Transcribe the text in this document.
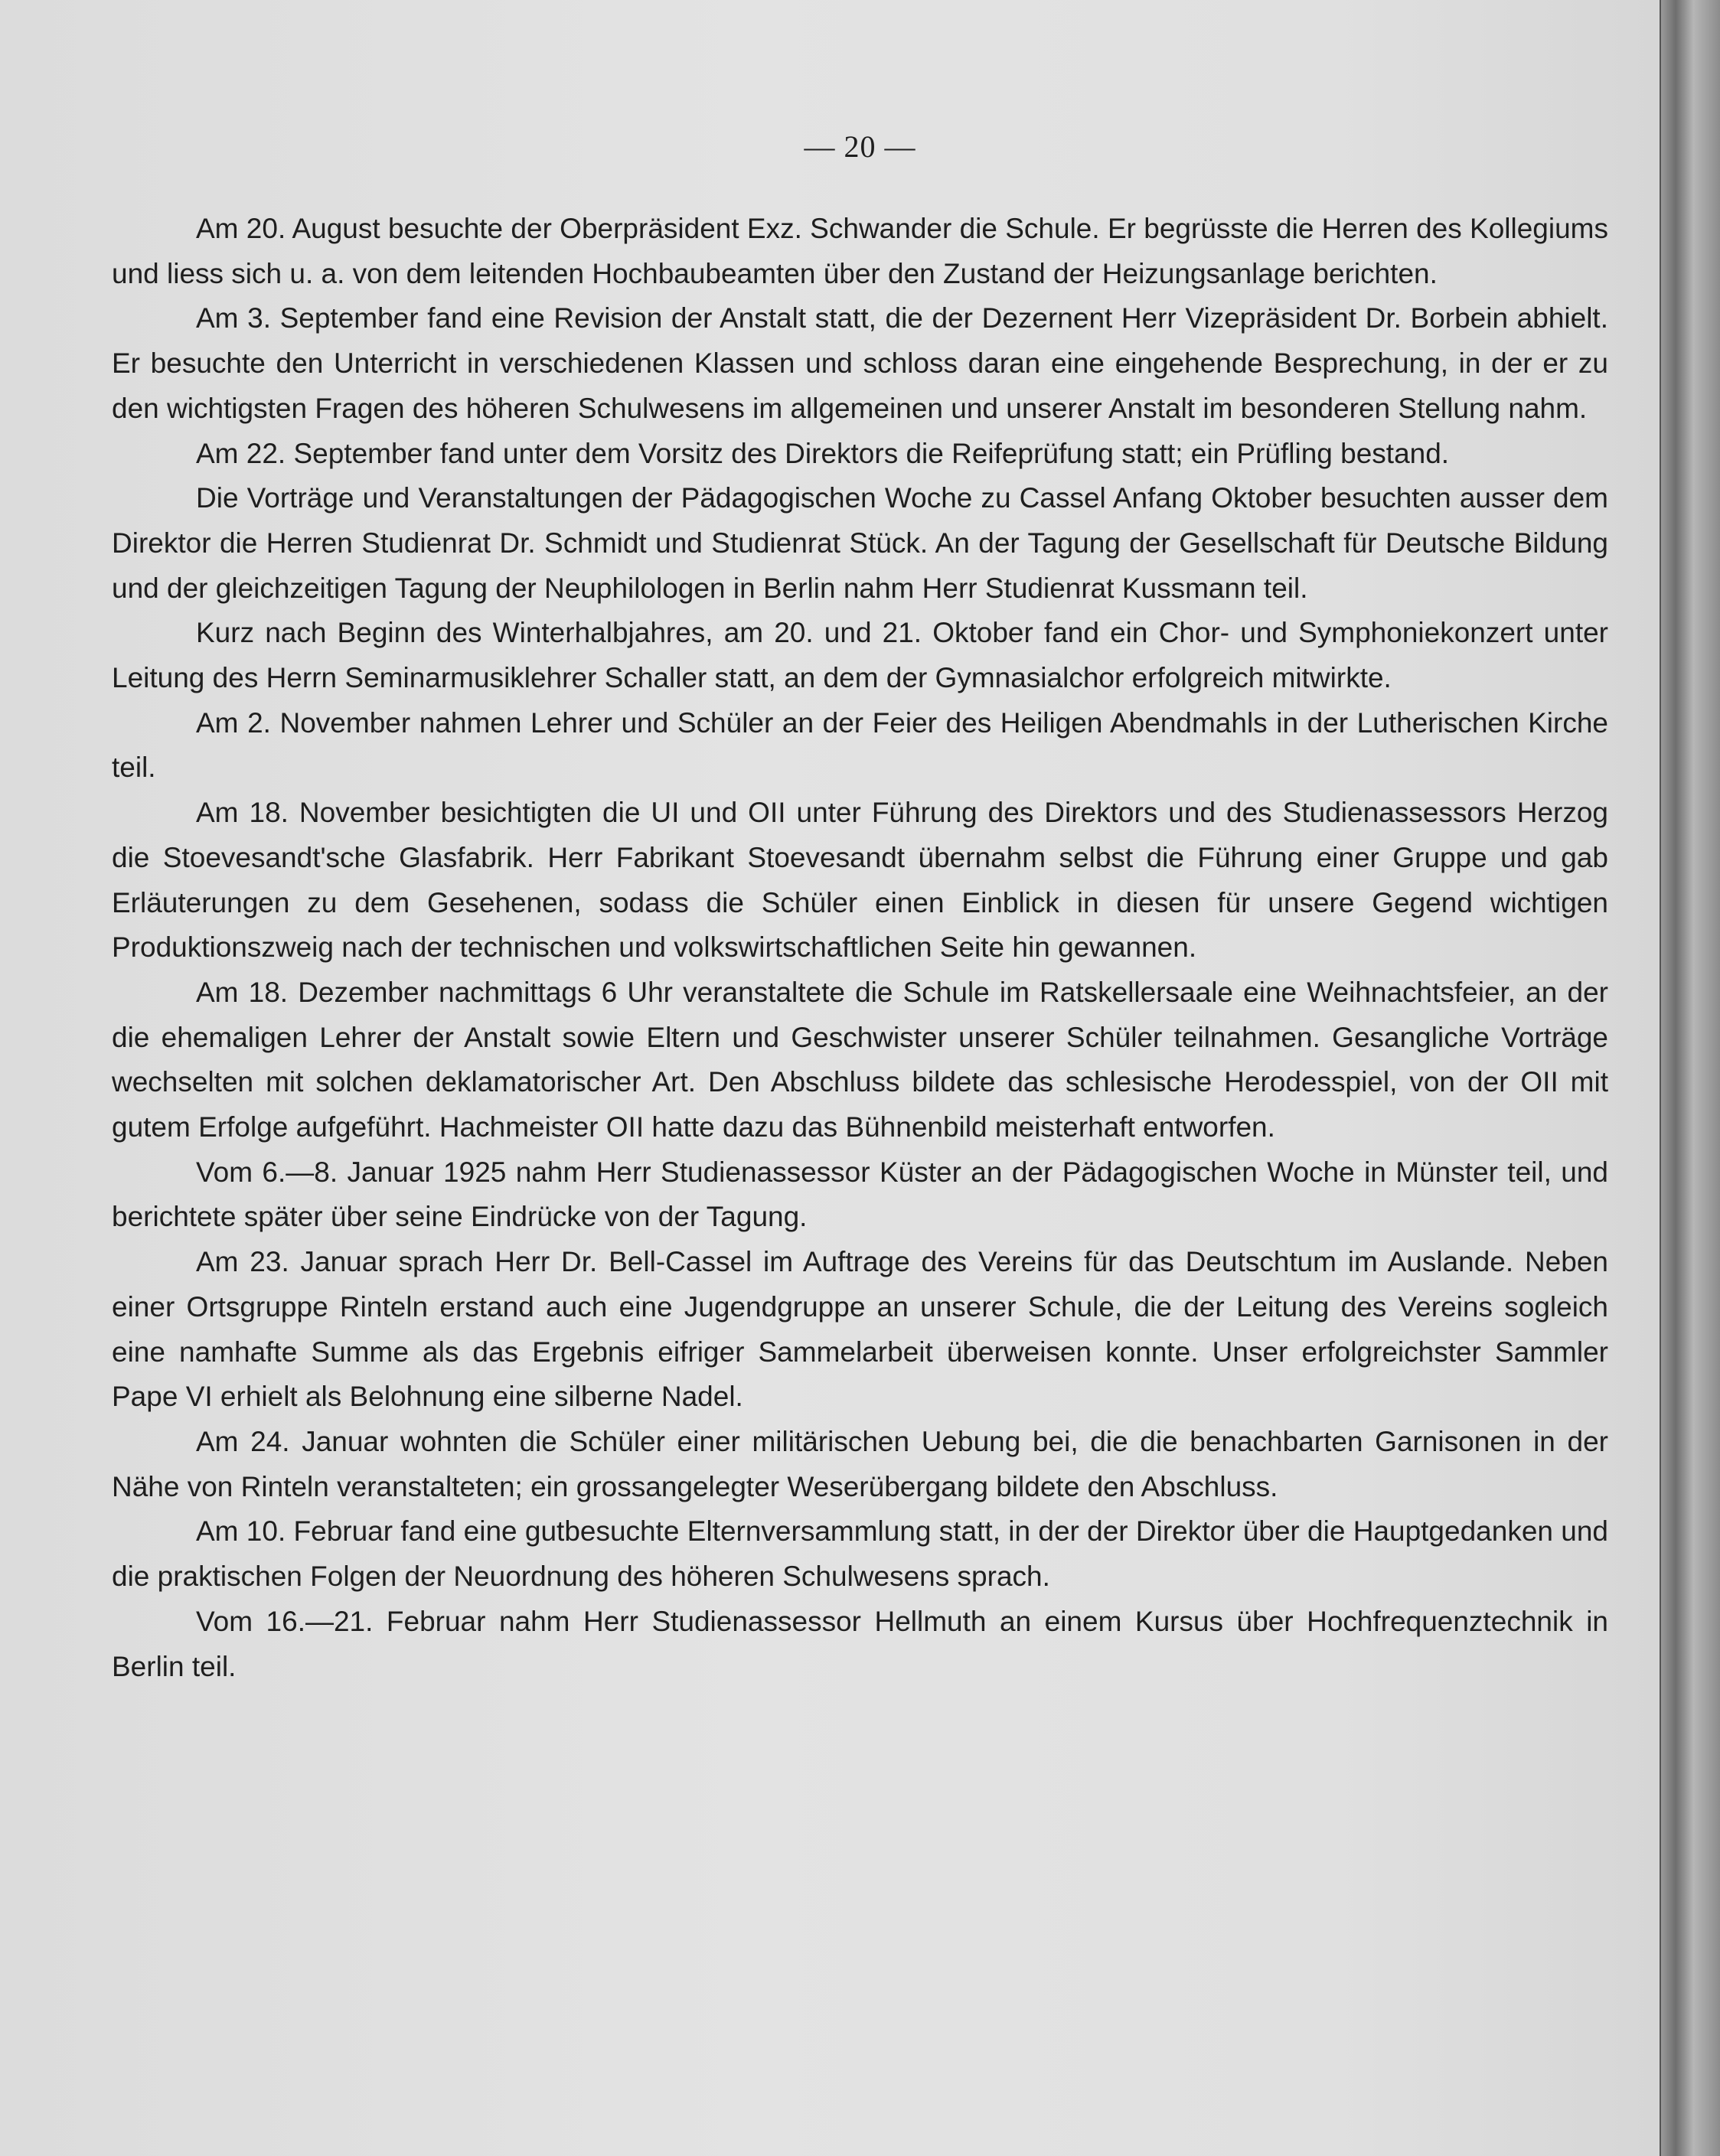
— 20 —

Am 20. August besuchte der Oberpräsident Exz. Schwander die Schule. Er begrüsste die Herren des Kollegiums und liess sich u. a. von dem leitenden Hochbaubeamten über den Zustand der Heizungsanlage berichten.

Am 3. September fand eine Revision der Anstalt statt, die der Dezernent Herr Vizepräsident Dr. Borbein abhielt. Er besuchte den Unterricht in verschiedenen Klassen und schloss daran eine eingehende Besprechung, in der er zu den wichtigsten Fragen des höheren Schulwesens im allgemeinen und unserer Anstalt im besonderen Stellung nahm.

Am 22. September fand unter dem Vorsitz des Direktors die Reifeprüfung statt; ein Prüfling bestand.

Die Vorträge und Veranstaltungen der Pädagogischen Woche zu Cassel Anfang Oktober besuchten ausser dem Direktor die Herren Studienrat Dr. Schmidt und Studienrat Stück. An der Tagung der Gesellschaft für Deutsche Bildung und der gleichzeitigen Tagung der Neuphilologen in Berlin nahm Herr Studienrat Kussmann teil.

Kurz nach Beginn des Winterhalbjahres, am 20. und 21. Oktober fand ein Chor- und Symphoniekonzert unter Leitung des Herrn Seminarmusiklehrer Schaller statt, an dem der Gymnasialchor erfolgreich mitwirkte.

Am 2. November nahmen Lehrer und Schüler an der Feier des Heiligen Abendmahls in der Lutherischen Kirche teil.

Am 18. November besichtigten die UI und OII unter Führung des Direktors und des Studienassessors Herzog die Stoevesandt'sche Glasfabrik. Herr Fabrikant Stoevesandt übernahm selbst die Führung einer Gruppe und gab Erläuterungen zu dem Gesehenen, sodass die Schüler einen Einblick in diesen für unsere Gegend wichtigen Produktionszweig nach der technischen und volkswirtschaftlichen Seite hin gewannen.

Am 18. Dezember nachmittags 6 Uhr veranstaltete die Schule im Ratskellersaale eine Weihnachtsfeier, an der die ehemaligen Lehrer der Anstalt sowie Eltern und Geschwister unserer Schüler teilnahmen. Gesangliche Vorträge wechselten mit solchen deklamatorischer Art. Den Abschluss bildete das schlesische Herodesspiel, von der OII mit gutem Erfolge aufgeführt. Hachmeister OII hatte dazu das Bühnenbild meisterhaft entworfen.

Vom 6.—8. Januar 1925 nahm Herr Studienassessor Küster an der Pädagogischen Woche in Münster teil, und berichtete später über seine Eindrücke von der Tagung.

Am 23. Januar sprach Herr Dr. Bell-Cassel im Auftrage des Vereins für das Deutschtum im Auslande. Neben einer Ortsgruppe Rinteln erstand auch eine Jugendgruppe an unserer Schule, die der Leitung des Vereins sogleich eine namhafte Summe als das Ergebnis eifriger Sammelarbeit überweisen konnte. Unser erfolgreichster Sammler Pape VI erhielt als Belohnung eine silberne Nadel.

Am 24. Januar wohnten die Schüler einer militärischen Uebung bei, die die benachbarten Garnisonen in der Nähe von Rinteln veranstalteten; ein grossangelegter Weserübergang bildete den Abschluss.

Am 10. Februar fand eine gutbesuchte Elternversammlung statt, in der der Direktor über die Hauptgedanken und die praktischen Folgen der Neuordnung des höheren Schulwesens sprach.

Vom 16.—21. Februar nahm Herr Studienassessor Hellmuth an einem Kursus über Hochfrequenztechnik in Berlin teil.
